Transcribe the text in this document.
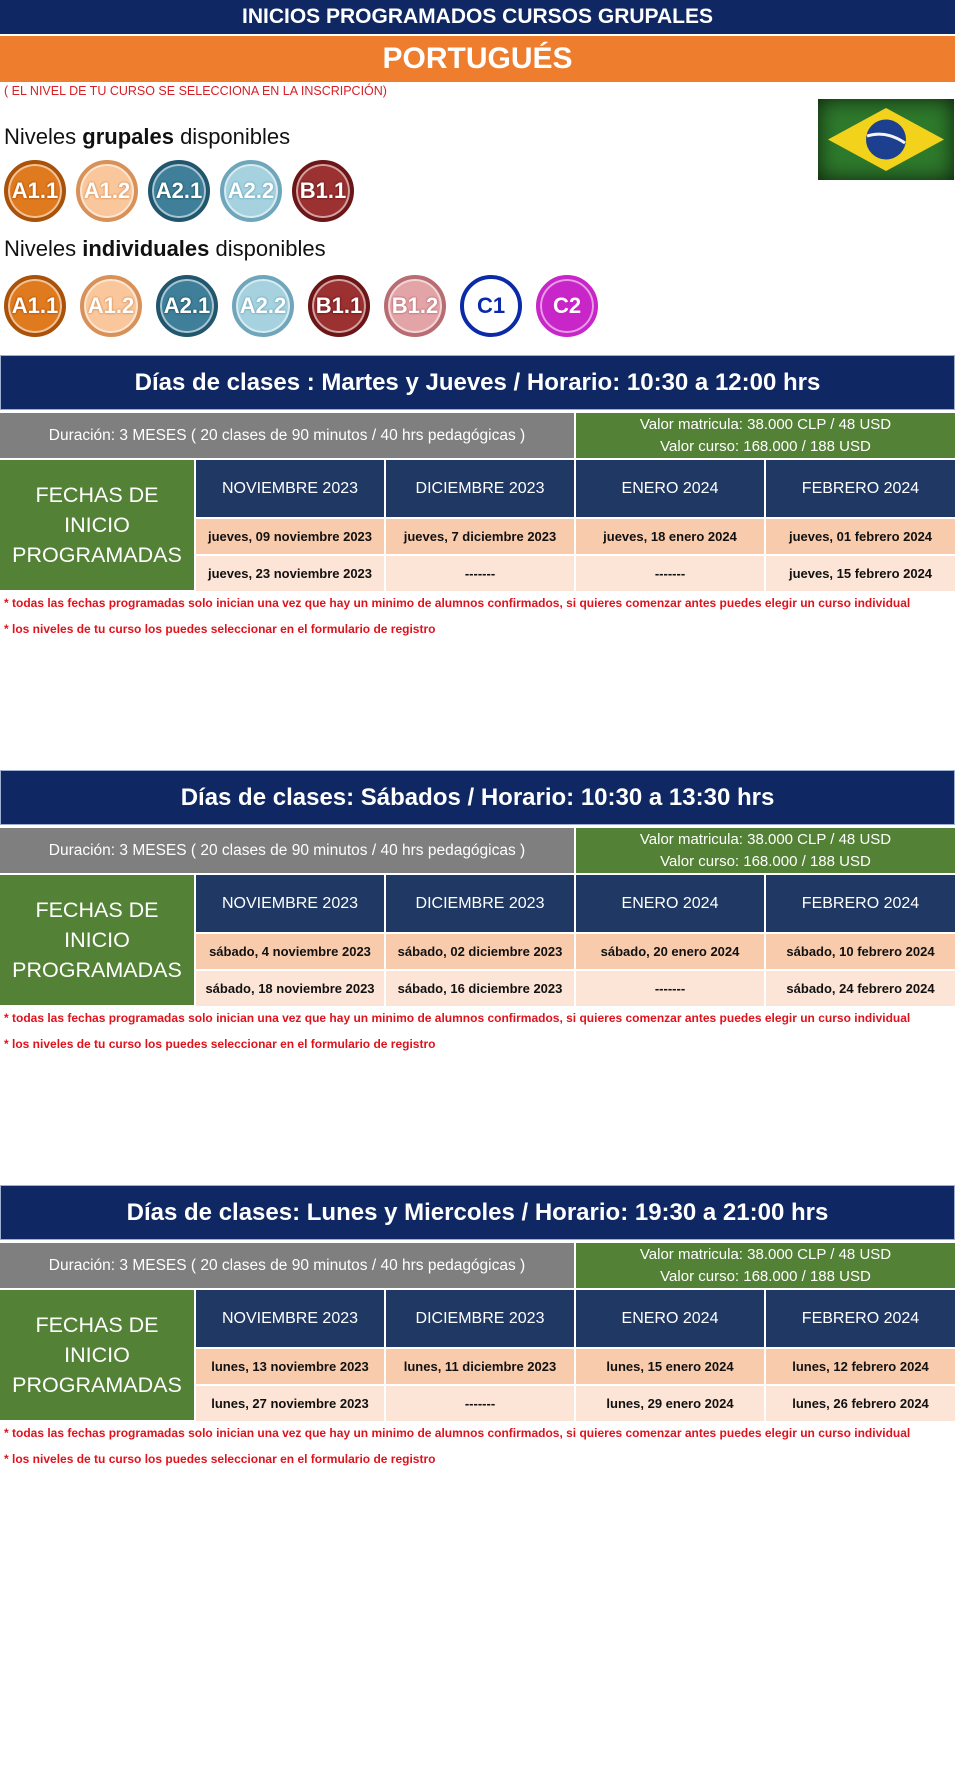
INICIOS PROGRAMADOS CURSOS GRUPALES
PORTUGUÉS
( EL NIVEL DE TU CURSO SE SELECCIONA EN LA INSCRIPCIÓN)
Niveles grupales disponibles
A1.1	A1.2	A2.1	A2.2	B1.1
Niveles individuales disponibles
A1.1	A1.2	A2.1	A2.2	B1.1	B1.2	C1	C2
Días de clases : Martes y Jueves / Horario: 10:30 a 12:00 hrs
Duración: 3 MESES ( 20 clases de 90 minutos / 40 hrs pedagógicas )
Valor matricula: 38.000 CLP / 48 USD
Valor curso: 168.000 / 188 USD
FECHAS DE
INICIO
PROGRAMADAS
NOVIEMBRE 2023	DICIEMBRE 2023	ENERO 2024	FEBRERO 2024
jueves, 09 noviembre 2023	jueves, 7 diciembre 2023	jueves, 18 enero 2024	jueves, 01 febrero 2024
jueves, 23 noviembre 2023	-------	-------	jueves, 15 febrero 2024
* todas las fechas programadas solo inician una vez que hay un minimo de alumnos confirmados, si quieres comenzar antes puedes elegir un curso individual
* los niveles de tu curso los puedes seleccionar en el formulario de registro
Días de clases: Sábados / Horario: 10:30 a 13:30 hrs
Duración: 3 MESES ( 20 clases de 90 minutos / 40 hrs pedagógicas )
Valor matricula: 38.000 CLP / 48 USD
Valor curso: 168.000 / 188 USD
FECHAS DE
INICIO
PROGRAMADAS
NOVIEMBRE 2023	DICIEMBRE 2023	ENERO 2024	FEBRERO 2024
sábado, 4 noviembre 2023	sábado, 02 diciembre 2023	sábado, 20 enero 2024	sábado, 10 febrero 2024
sábado, 18 noviembre 2023	sábado, 16 diciembre 2023	-------	sábado, 24 febrero 2024
* todas las fechas programadas solo inician una vez que hay un minimo de alumnos confirmados, si quieres comenzar antes puedes elegir un curso individual
* los niveles de tu curso los puedes seleccionar en el formulario de registro
Días de clases: Lunes y Miercoles / Horario: 19:30 a 21:00 hrs
Duración: 3 MESES ( 20 clases de 90 minutos / 40 hrs pedagógicas )
Valor matricula: 38.000 CLP / 48 USD
Valor curso: 168.000 / 188 USD
FECHAS DE
INICIO
PROGRAMADAS
NOVIEMBRE 2023	DICIEMBRE 2023	ENERO 2024	FEBRERO 2024
lunes, 13 noviembre 2023	lunes, 11 diciembre 2023	lunes, 15 enero 2024	lunes, 12 febrero 2024
lunes, 27 noviembre 2023	-------	lunes, 29 enero 2024	lunes, 26 febrero 2024
* todas las fechas programadas solo inician una vez que hay un minimo de alumnos confirmados, si quieres comenzar antes puedes elegir un curso individual
* los niveles de tu curso los puedes seleccionar en el formulario de registro
